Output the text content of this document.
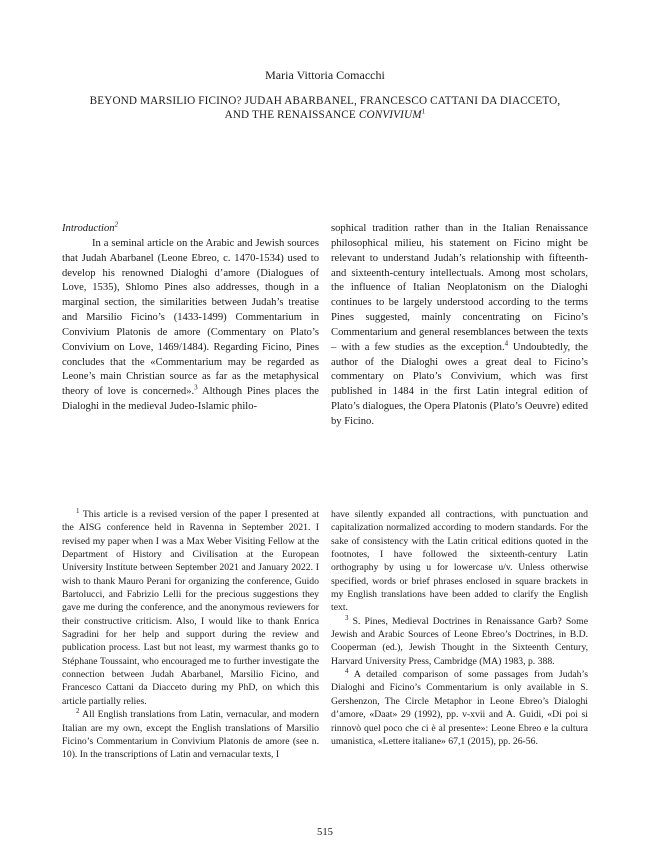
Maria Vittoria Comacchi
BEYOND MARSILIO FICINO? JUDAH ABARBANEL, FRANCESCO CATTANI DA DIACCETO,
AND THE RENAISSANCE CONVIVIUM$^1$

Introduction$^2$

In a seminal article on the Arabic and Jewish sources that Judah Abarbanel (Leone Ebreo, c. 1470-1534) used to develop his renowned Dialoghi d’amore (Dialogues of Love, 1535), Shlomo Pines also addresses, though in a marginal section, the similarities between Judah’s treatise and Marsilio Ficino’s (1433-1499) Commentarium in Convivium Platonis de amore (Commentary on Plato’s Convivium on Love, 1469/1484). Regarding Ficino, Pines concludes that the «Commentarium may be regarded as Leone’s main Christian source as far as the metaphysical theory of love is concerned».$^3$ Although Pines places the Dialoghi in the medieval Judeo-Islamic philo-

sophical tradition rather than in the Italian Renaissance philosophical milieu, his statement on Ficino might be relevant to understand Judah’s relationship with fifteenth- and sixteenth-century intellectuals. Among most scholars, the influence of Italian Neoplatonism on the Dialoghi continues to be largely understood according to the terms Pines suggested, mainly concentrating on Ficino’s Commentarium and general resemblances between the texts – with a few studies as the exception.$^4$ Undoubtedly, the author of the Dialoghi owes a great deal to Ficino’s commentary on Plato’s Convivium, which was first published in 1484 in the first Latin integral edition of Plato’s dialogues, the Opera Platonis (Plato’s Oeuvre) edited by Ficino.

$^1$ This article is a revised version of the paper I presented at the AISG conference held in Ravenna in September 2021. I revised my paper when I was a Max Weber Visiting Fellow at the Department of History and Civilisation at the European University Institute between September 2021 and January 2022. I wish to thank Mauro Perani for organizing the conference, Guido Bartolucci, and Fabrizio Lelli for the precious suggestions they gave me during the conference, and the anonymous reviewers for their constructive criticism. Also, I would like to thank Enrica Sagradini for her help and support during the review and publication process. Last but not least, my warmest thanks go to Stéphane Toussaint, who encouraged me to further investigate the connection between Judah Abarbanel, Marsilio Ficino, and Francesco Cattani da Diacceto during my PhD, on which this article partially relies.

$^2$ All English translations from Latin, vernacular, and modern Italian are my own, except the English translations of Marsilio Ficino’s Commentarium in Convivium Platonis de amore (see n. 10). In the transcriptions of Latin and vernacular texts, I

have silently expanded all contractions, with punctuation and capitalization normalized according to modern standards. For the sake of consistency with the Latin critical editions quoted in the footnotes, I have followed the sixteenth-century Latin orthography by using u for lowercase u/v. Unless otherwise specified, words or brief phrases enclosed in square brackets in my English translations have been added to clarify the English text.

$^3$ S. Pines, Medieval Doctrines in Renaissance Garb? Some Jewish and Arabic Sources of Leone Ebreo’s Doctrines, in B.D. Cooperman (ed.), Jewish Thought in the Sixteenth Century, Harvard University Press, Cambridge (MA) 1983, p. 388.

$^4$ A detailed comparison of some passages from Judah’s Dialoghi and Ficino’s Commentarium is only available in S. Gershenzon, The Circle Metaphor in Leone Ebreo’s Dialoghi d’amore, «Daat» 29 (1992), pp. v-xvii and A. Guidi, «Di poi si rinnovò quel poco che ci è al presente»: Leone Ebreo e la cultura umanistica, «Lettere italiane» 67,1 (2015), pp. 26-56.

515
